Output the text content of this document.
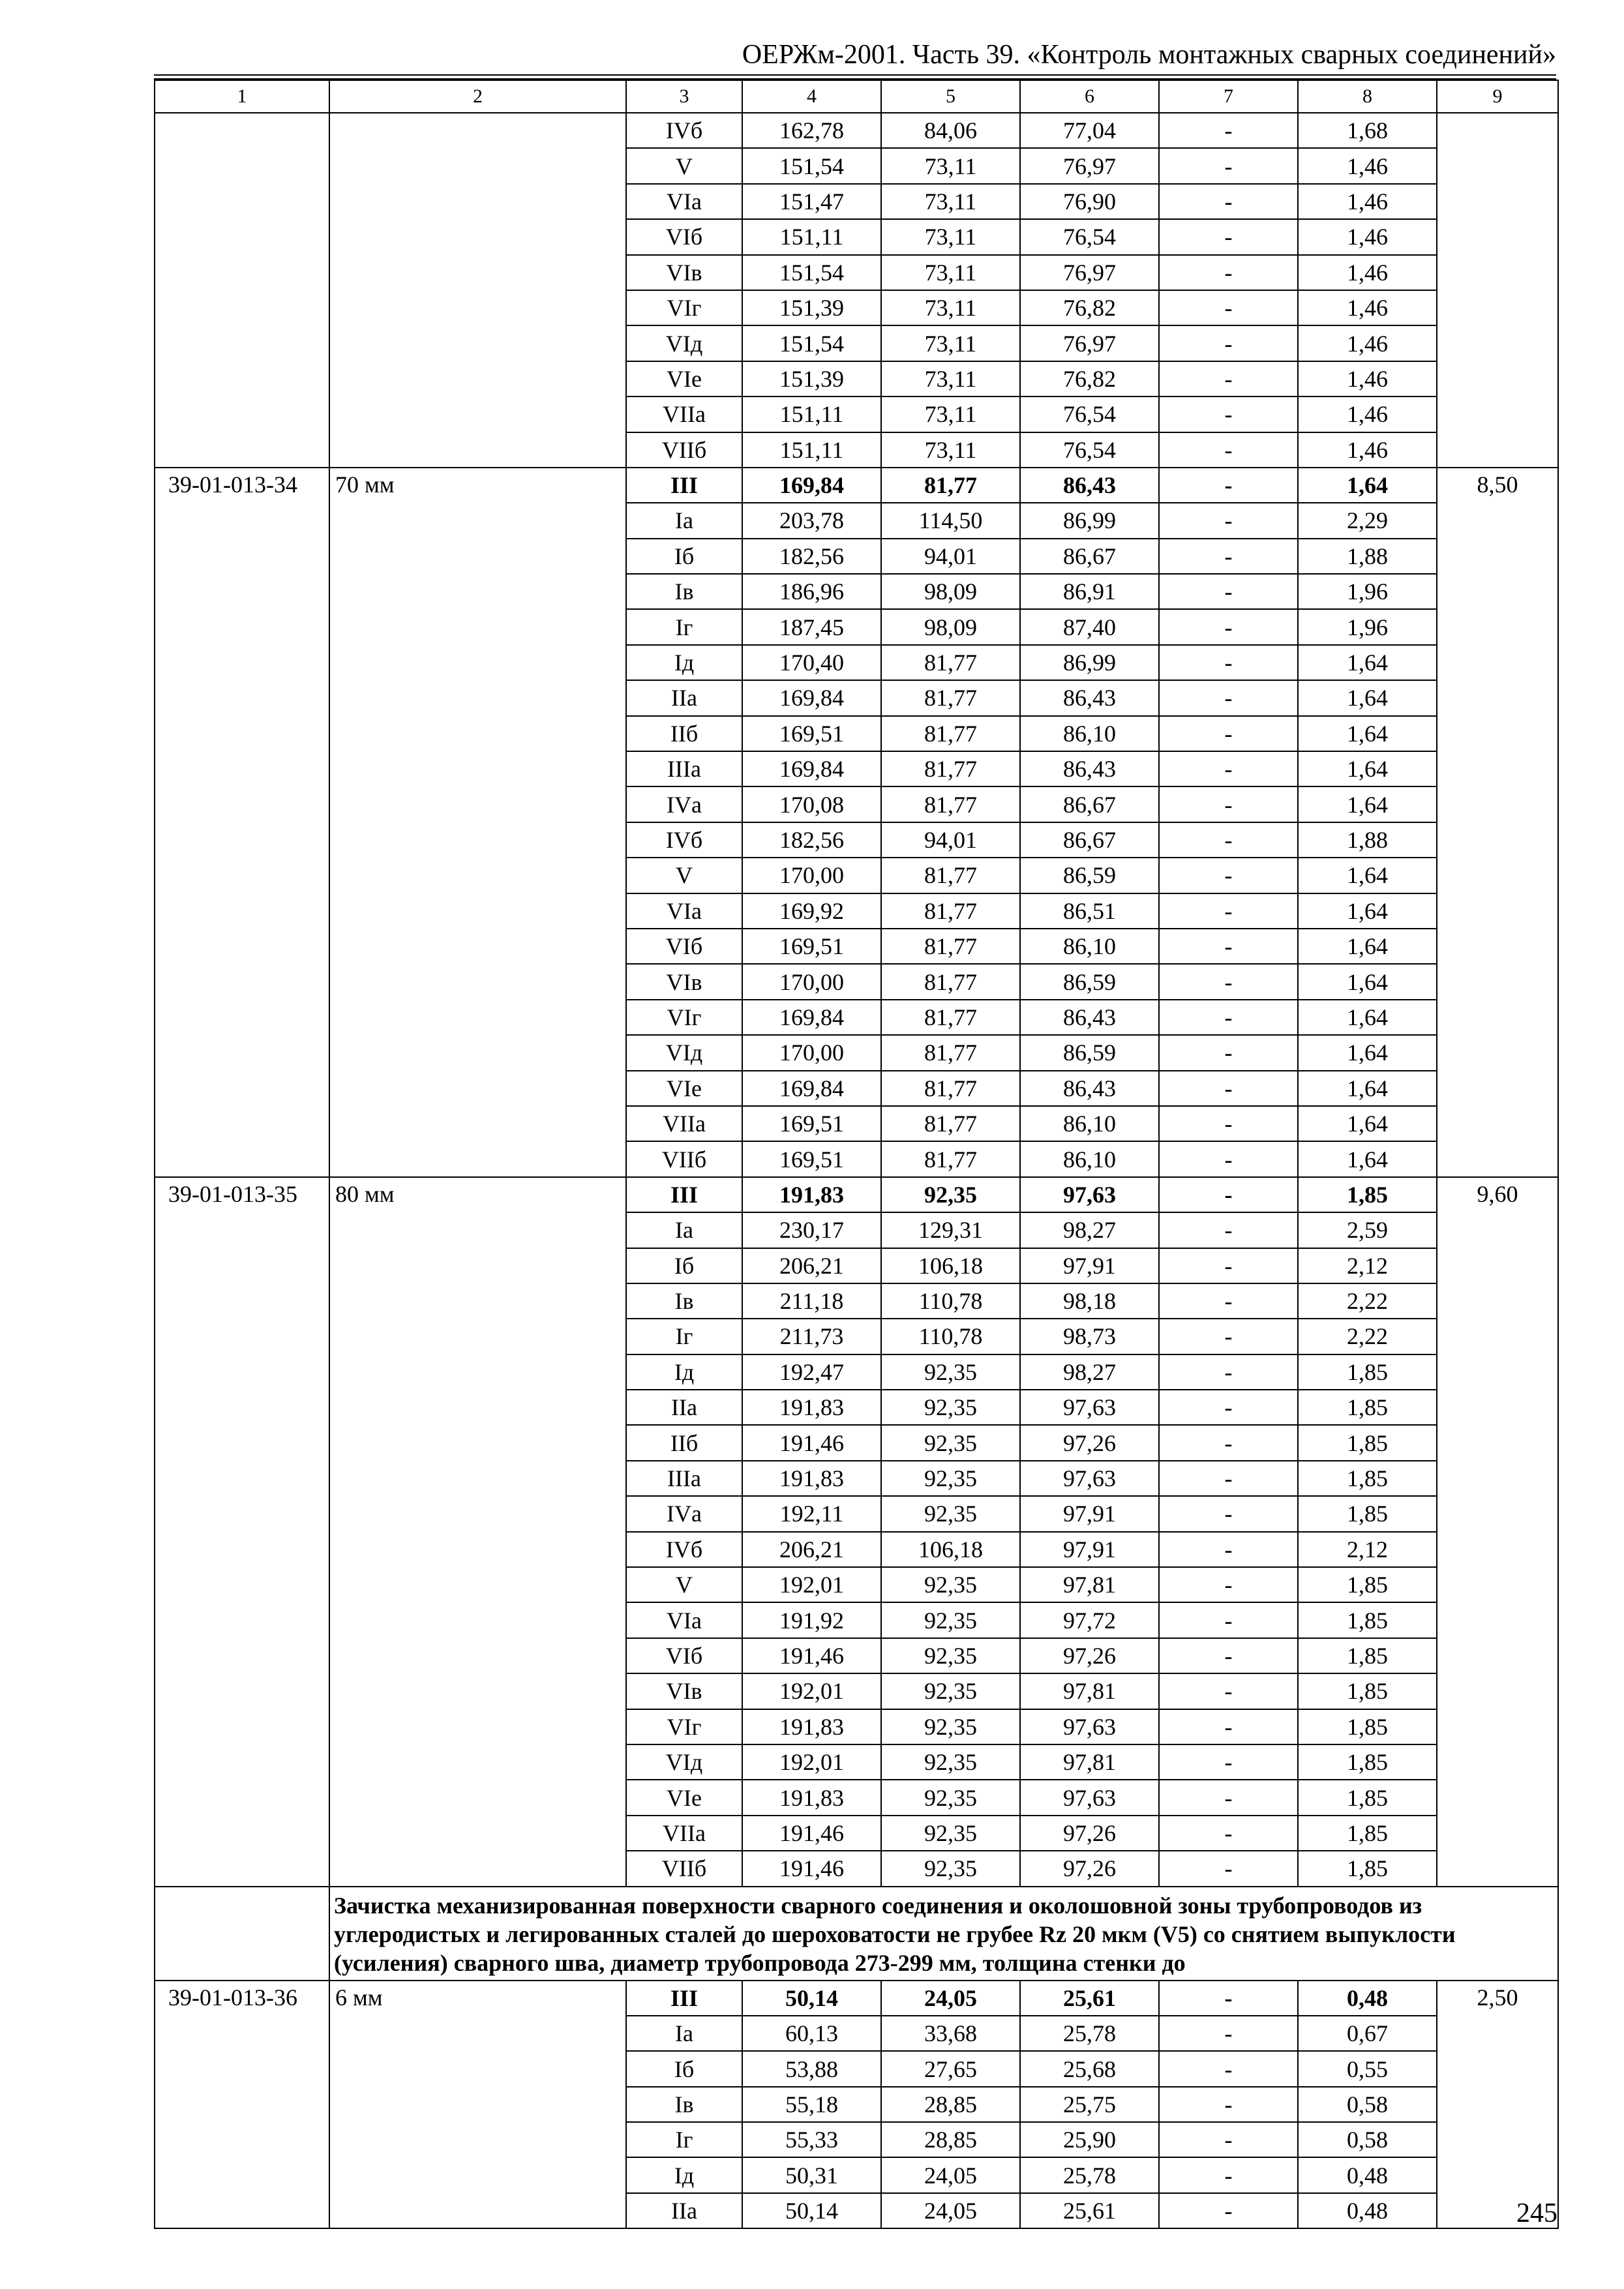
ОЕРЖм-2001. Часть 39. «Контроль монтажных сварных соединений»
1	2	3	4	5	6	7	8	9
		IVб	162,78	84,06	77,04	-	1,68	
		V	151,54	73,11	76,97	-	1,46	
		VIа	151,47	73,11	76,90	-	1,46	
		VIб	151,11	73,11	76,54	-	1,46	
		VIв	151,54	73,11	76,97	-	1,46	
		VIг	151,39	73,11	76,82	-	1,46	
		VIд	151,54	73,11	76,97	-	1,46	
		VIе	151,39	73,11	76,82	-	1,46	
		VIIа	151,11	73,11	76,54	-	1,46	
		VIIб	151,11	73,11	76,54	-	1,46	
39-01-013-34	70 мм	III	169,84	81,77	86,43	-	1,64	8,50
		Iа	203,78	114,50	86,99	-	2,29	
		Iб	182,56	94,01	86,67	-	1,88	
		Iв	186,96	98,09	86,91	-	1,96	
		Iг	187,45	98,09	87,40	-	1,96	
		Iд	170,40	81,77	86,99	-	1,64	
		IIа	169,84	81,77	86,43	-	1,64	
		IIб	169,51	81,77	86,10	-	1,64	
		IIIа	169,84	81,77	86,43	-	1,64	
		IVа	170,08	81,77	86,67	-	1,64	
		IVб	182,56	94,01	86,67	-	1,88	
		V	170,00	81,77	86,59	-	1,64	
		VIа	169,92	81,77	86,51	-	1,64	
		VIб	169,51	81,77	86,10	-	1,64	
		VIв	170,00	81,77	86,59	-	1,64	
		VIг	169,84	81,77	86,43	-	1,64	
		VIд	170,00	81,77	86,59	-	1,64	
		VIе	169,84	81,77	86,43	-	1,64	
		VIIа	169,51	81,77	86,10	-	1,64	
		VIIб	169,51	81,77	86,10	-	1,64	
39-01-013-35	80 мм	III	191,83	92,35	97,63	-	1,85	9,60
		Iа	230,17	129,31	98,27	-	2,59	
		Iб	206,21	106,18	97,91	-	2,12	
		Iв	211,18	110,78	98,18	-	2,22	
		Iг	211,73	110,78	98,73	-	2,22	
		Iд	192,47	92,35	98,27	-	1,85	
		IIа	191,83	92,35	97,63	-	1,85	
		IIб	191,46	92,35	97,26	-	1,85	
		IIIа	191,83	92,35	97,63	-	1,85	
		IVа	192,11	92,35	97,91	-	1,85	
		IVб	206,21	106,18	97,91	-	2,12	
		V	192,01	92,35	97,81	-	1,85	
		VIа	191,92	92,35	97,72	-	1,85	
		VIб	191,46	92,35	97,26	-	1,85	
		VIв	192,01	92,35	97,81	-	1,85	
		VIг	191,83	92,35	97,63	-	1,85	
		VIд	192,01	92,35	97,81	-	1,85	
		VIе	191,83	92,35	97,63	-	1,85	
		VIIа	191,46	92,35	97,26	-	1,85	
		VIIб	191,46	92,35	97,26	-	1,85	
	Зачистка механизированная поверхности сварного соединения и околошовной зоны трубопроводов из углеродистых и легированных сталей до шероховатости не грубее Rz 20 мкм (V5) со снятием выпуклости (усиления) сварного шва, диаметр трубопровода 273-299 мм, толщина стенки до							
39-01-013-36	6 мм	III	50,14	24,05	25,61	-	0,48	2,50
		Iа	60,13	33,68	25,78	-	0,67	
		Iб	53,88	27,65	25,68	-	0,55	
		Iв	55,18	28,85	25,75	-	0,58	
		Iг	55,33	28,85	25,90	-	0,58	
		Iд	50,31	24,05	25,78	-	0,48	
		IIа	50,14	24,05	25,61	-	0,48		245
